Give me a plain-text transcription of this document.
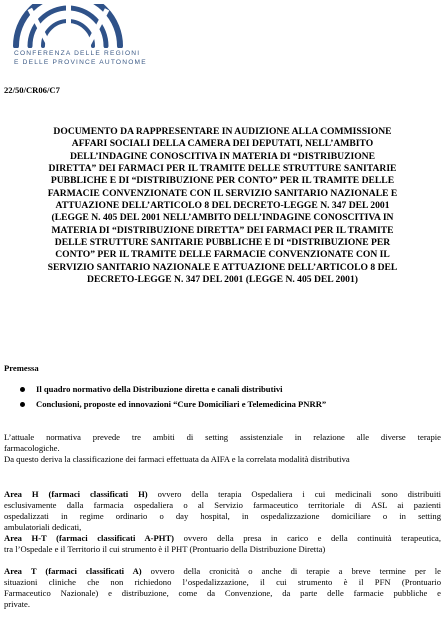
CONFERENZA DELLE REGIONI
E DELLE PROVINCE AUTONOME
22/50/CR06/C7
DOCUMENTO DA RAPPRESENTARE IN AUDIZIONE ALLA COMMISSIONE
AFFARI SOCIALI DELLA CAMERA DEI DEPUTATI, NELL’AMBITO
DELL’INDAGINE CONOSCITIVA IN MATERIA DI “DISTRIBUZIONE
DIRETTA” DEI FARMACI PER IL TRAMITE DELLE STRUTTURE SANITARIE
PUBBLICHE E DI “DISTRIBUZIONE PER CONTO” PER IL TRAMITE DELLE
FARMACIE CONVENZIONATE CON IL SERVIZIO SANITARIO NAZIONALE E
ATTUAZIONE DELL’ARTICOLO 8 DEL DECRETO-LEGGE N. 347 DEL 2001
(LEGGE N. 405 DEL 2001 NELL’AMBITO DELL’INDAGINE CONOSCITIVA IN
MATERIA DI “DISTRIBUZIONE DIRETTA” DEI FARMACI PER IL TRAMITE
DELLE STRUTTURE SANITARIE PUBBLICHE E DI “DISTRIBUZIONE PER
CONTO” PER IL TRAMITE DELLE FARMACIE CONVENZIONATE CON IL
SERVIZIO SANITARIO NAZIONALE E ATTUAZIONE DELL’ARTICOLO 8 DEL
DECRETO-LEGGE N. 347 DEL 2001 (LEGGE N. 405 DEL 2001)
Premessa
Il quadro normativo della Distribuzione diretta e canali distributivi
Conclusioni, proposte ed innovazioni “Cure Domiciliari e Telemedicina PNRR”
L’attuale normativa prevede tre ambiti di setting assistenziale in relazione alle diverse terapie
farmacologiche.
Da questo deriva la classificazione dei farmaci effettuata da AIFA e la correlata modalità distributiva
Area H (farmaci classificati H) ovvero della terapia Ospedaliera i cui medicinali sono distribuiti
esclusivamente dalla farmacia ospedaliera o al Servizio farmaceutico territoriale di ASL ai pazienti
ospedalizzati in regime ordinario o day hospital, in ospedalizzazione domiciliare o in setting
ambulatoriali dedicati,
Area H-T (farmaci classificati A-PHT) ovvero della presa in carico e della continuità terapeutica,
tra l’Ospedale e il Territorio il cui strumento è il PHT (Prontuario della Distribuzione Diretta)
Area T (farmaci classificati A) ovvero della cronicità o anche di terapie a breve termine per le
situazioni cliniche che non richiedono l’ospedalizzazione, il cui strumento è il PFN (Prontuario
Farmaceutico Nazionale) e distribuzione, come da Convenzione, da parte delle farmacie pubbliche e
private.
